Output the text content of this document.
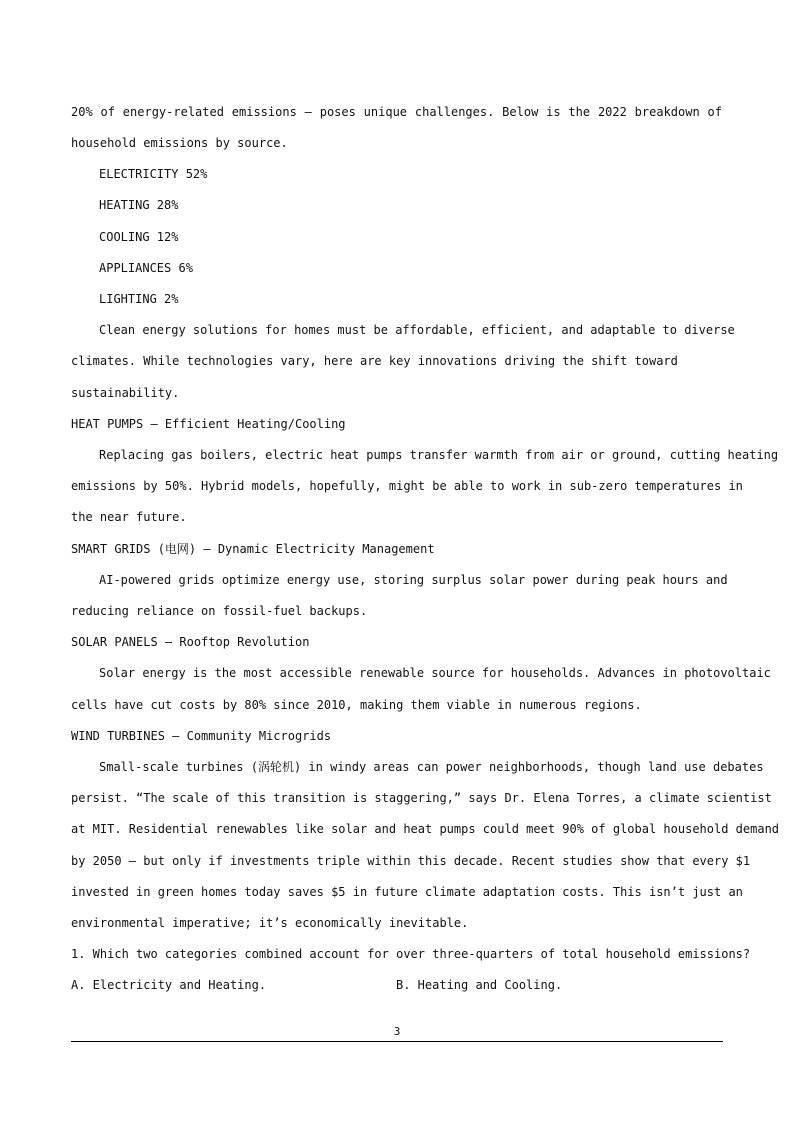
20% of energy-related emissions — poses unique challenges. Below is the 2022 breakdown of
household emissions by source.
ELECTRICITY 52%
HEATING 28%
COOLING 12%
APPLIANCES 6%
LIGHTING 2%
Clean energy solutions for homes must be affordable, efficient, and adaptable to diverse
climates. While technologies vary, here are key innovations driving the shift toward
sustainability.
HEAT PUMPS — Efficient Heating/Cooling
Replacing gas boilers, electric heat pumps transfer warmth from air or ground, cutting heating
emissions by 50%. Hybrid models, hopefully, might be able to work in sub-zero temperatures in
the near future.
SMART GRIDS (电网) — Dynamic Electricity Management
AI-powered grids optimize energy use, storing surplus solar power during peak hours and
reducing reliance on fossil-fuel backups.
SOLAR PANELS — Rooftop Revolution
Solar energy is the most accessible renewable source for households. Advances in photovoltaic
cells have cut costs by 80% since 2010, making them viable in numerous regions.
WIND TURBINES — Community Microgrids
Small-scale turbines (涡轮机) in windy areas can power neighborhoods, though land use debates
persist. “The scale of this transition is staggering,” says Dr. Elena Torres, a climate scientist
at MIT. Residential renewables like solar and heat pumps could meet 90% of global household demand
by 2050 — but only if investments triple within this decade. Recent studies show that every $1
invested in green homes today saves $5 in future climate adaptation costs. This isn’t just an
environmental imperative; it’s economically inevitable.
1. Which two categories combined account for over three-quarters of total household emissions?
A. Electricity and Heating.	B. Heating and Cooling.
3
